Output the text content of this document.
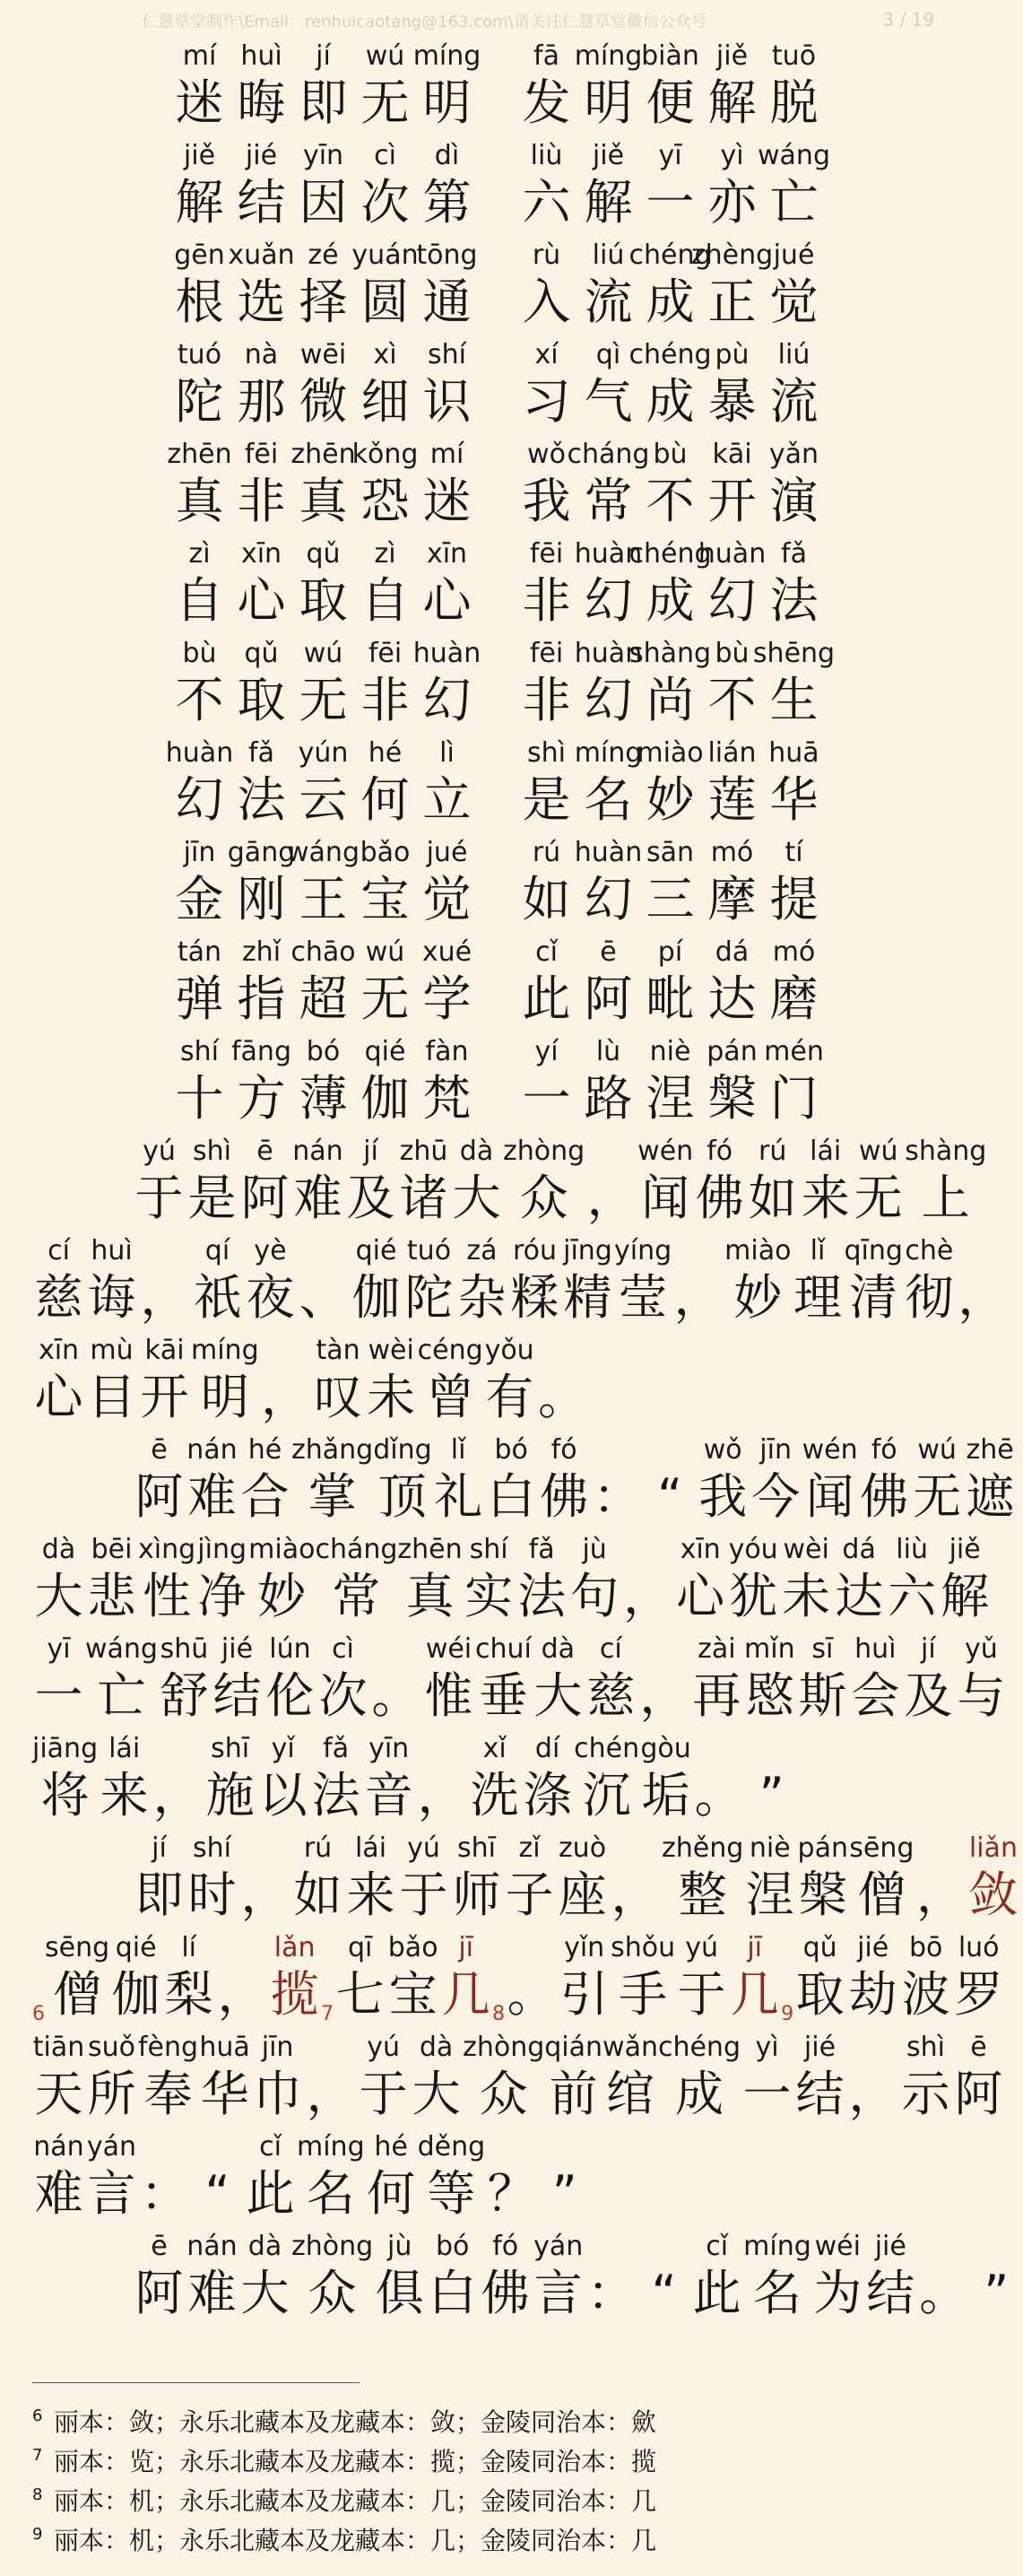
仁慧草堂制作\Email：renhuicaotang@163.com\请关注仁慧草堂微信公众号	3 / 19
mí
迷
huì
晦
jí
即
wú
无
míng
明
fā
发
míng
明
biàn
便
jiě
解
tuō
脱
jiě
解
jié
结
yīn
因
cì
次
dì
第
liù
六
jiě
解
yī
一
yì
亦
wáng
亡
gēn
根
xuǎn
选
zé
择
yuán
圆
tōng
通
rù
入
liú
流
chéng
成
zhèng
正
jué
觉
tuó
陀
nà
那
wēi
微
xì
细
shí
识
xí
习
qì
气
chéng
成
pù
暴
liú
流
zhēn
真
fēi
非
zhēn
真
kǒng
恐
mí
迷
wǒ
我
cháng
常
bù
不
kāi
开
yǎn
演
zì
自
xīn
心
qǔ
取
zì
自
xīn
心
fēi
非
huàn
幻
chéng
成
huàn
幻
fǎ
法
bù
不
qǔ
取
wú
无
fēi
非
huàn
幻
fēi
非
huàn
幻
shàng
尚
bù
不
shēng
生
huàn
幻
fǎ
法
yún
云
hé
何
lì
立
shì
是
míng
名
miào
妙
lián
莲
huā
华
jīn
金
gāng
刚
wáng
王
bǎo
宝
jué
觉
rú
如
huàn
幻
sān
三
mó
摩
tí
提
tán
弹
zhǐ
指
chāo
超
wú
无
xué
学
cǐ
此
ē
阿
pí
毗
dá
达
mó
磨
shí
十
fāng
方
bó
薄
qié
伽
fàn
梵
yí
一
lù
路
niè
涅
pán
槃
mén
门
yú
于
shì
是
ē
阿
nán
难
jí
及
zhū
诸
dà
大
zhòng
众 ，
wén
闻
fó
佛
rú
如
lái
来
wú
无
shàng
上
cí
慈
huì
诲 ，
qí
祇
yè
夜 、
qié
伽
tuó
陀
zá
杂
róu
糅
jīng
精
yíng
莹 ，
miào
妙
lǐ
理
qīng
清
chè
彻 ，
xīn
心
mù
目
kāi
开
míng
明 ，
tàn
叹
wèi
未
céng
曾
yǒu
有 。
ē
阿
nán
难
hé
合
zhǎng
掌
dǐng
顶
lǐ
礼
bó
白
fó
佛 ： “
wǒ
我
jīn
今
wén
闻
fó
佛
wú
无
zhē
遮
dà
大
bēi
悲
xìng
性
jìng
净
miào
妙
cháng
常
zhēn
真
shí
实
fǎ
法
jù
句 ，
xīn
心
yóu
犹
wèi
未
dá
达
liù
六
jiě
解
yī
一
wáng
亡
shū
舒
jié
结
lún
伦
cì
次 。
wéi
惟
chuí
垂
dà
大
cí
慈 ，
zài
再
mǐn
愍
sī
斯
huì
会
jí
及
yǔ
与
jiāng
将
lái
来 ，
shī
施
yǐ
以
fǎ
法
yīn
音 ，
xǐ
洗
dí
涤
chén
沉
gòu
垢 。 ”
jí
即
shí
时 ，
rú
如
lái
来
yú
于
shī
师
zǐ
子
zuò
座 ，
zhěng
整
niè
涅
pán
槃
sēng
僧 ，
liǎn
敛
$^6$
sēng
僧
qié
伽
lí
梨 ，
lǎn
揽$^7$
qī
七
bǎo
宝
jī
几$^8$ 。
yǐn
引
shǒu
手
yú
于
jī
几$^9$
qǔ
取
jié
劫
bō
波
luó
罗
tiān
天
suǒ
所
fèng
奉
huā
华
jīn
巾 ，
yú
于
dà
大
zhòng
众
qián
前
wǎn
绾
chéng
成
yì
一
jié
结 ，
shì
示
ē
阿
nán
难
yán
言 ： “
cǐ
此
míng
名
hé
何
děng
等 ？ ”
ē
阿
nán
难
dà
大
zhòng
众
jù
俱
bó
白
fó
佛
yán
言 ： “
cǐ
此
míng
名
wéi
为
jié
结 。 ”
6 丽本：敛；永乐北藏本及龙藏本：敛；金陵同治本：歛
7 丽本：览；永乐北藏本及龙藏本：揽；金陵同治本：揽
8 丽本：机；永乐北藏本及龙藏本：几；金陵同治本：几
9 丽本：机；永乐北藏本及龙藏本：几；金陵同治本：几
